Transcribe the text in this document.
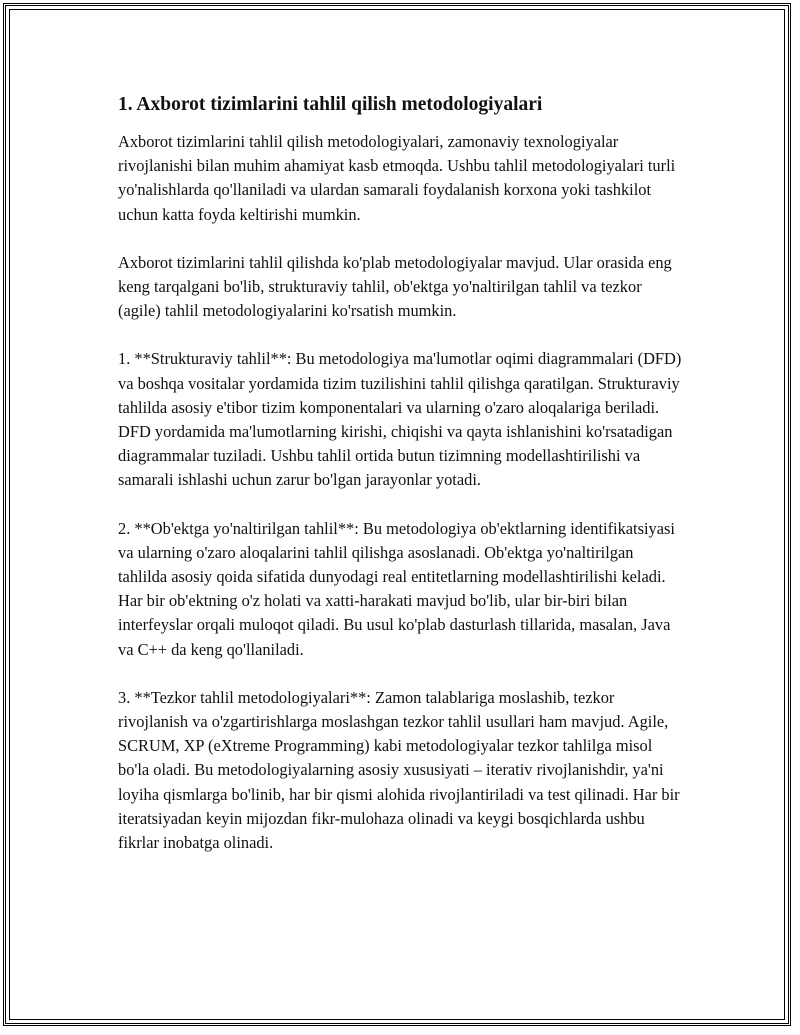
1. Axborot tizimlarini tahlil qilish metodologiyalari

Axborot tizimlarini tahlil qilish metodologiyalari, zamonaviy texnologiyalar rivojlanishi bilan muhim ahamiyat kasb etmoqda. Ushbu tahlil metodologiyalari turli yo'nalishlarda qo'llaniladi va ulardan samarali foydalanish korxona yoki tashkilot uchun katta foyda keltirishi mumkin.

Axborot tizimlarini tahlil qilishda ko'plab metodologiyalar mavjud. Ular orasida eng keng tarqalgani bo'lib, strukturaviy tahlil, ob'ektga yo'naltirilgan tahlil va tezkor (agile) tahlil metodologiyalarini ko'rsatish mumkin.

1. **Strukturaviy tahlil**: Bu metodologiya ma'lumotlar oqimi diagrammalari (DFD) va boshqa vositalar yordamida tizim tuzilishini tahlil qilishga qaratilgan. Strukturaviy tahlilda asosiy e'tibor tizim komponentalari va ularning o'zaro aloqalariga beriladi. DFD yordamida ma'lumotlarning kirishi, chiqishi va qayta ishlanishini ko'rsatadigan diagrammalar tuziladi. Ushbu tahlil ortida butun tizimning modellashtirilishi va samarali ishlashi uchun zarur bo'lgan jarayonlar yotadi.

2. **Ob'ektga yo'naltirilgan tahlil**: Bu metodologiya ob'ektlarning identifikatsiyasi va ularning o'zaro aloqalarini tahlil qilishga asoslanadi. Ob'ektga yo'naltirilgan tahlilda asosiy qoida sifatida dunyodagi real entitetlarning modellashtirilishi keladi. Har bir ob'ektning o'z holati va xatti-harakati mavjud bo'lib, ular bir-biri bilan interfeyslar orqali muloqot qiladi. Bu usul ko'plab dasturlash tillarida, masalan, Java va C++ da keng qo'llaniladi.

3. **Tezkor tahlil metodologiyalari**: Zamon talablariga moslashib, tezkor rivojlanish va o'zgartirishlarga moslashgan tezkor tahlil usullari ham mavjud. Agile, SCRUM, XP (eXtreme Programming) kabi metodologiyalar tezkor tahlilga misol bo'la oladi. Bu metodologiyalarning asosiy xususiyati – iterativ rivojlanishdir, ya'ni loyiha qismlarga bo'linib, har bir qismi alohida rivojlantiriladi va test qilinadi. Har bir iteratsiyadan keyin mijozdan fikr-mulohaza olinadi va keygi bosqichlarda ushbu fikrlar inobatga olinadi.
